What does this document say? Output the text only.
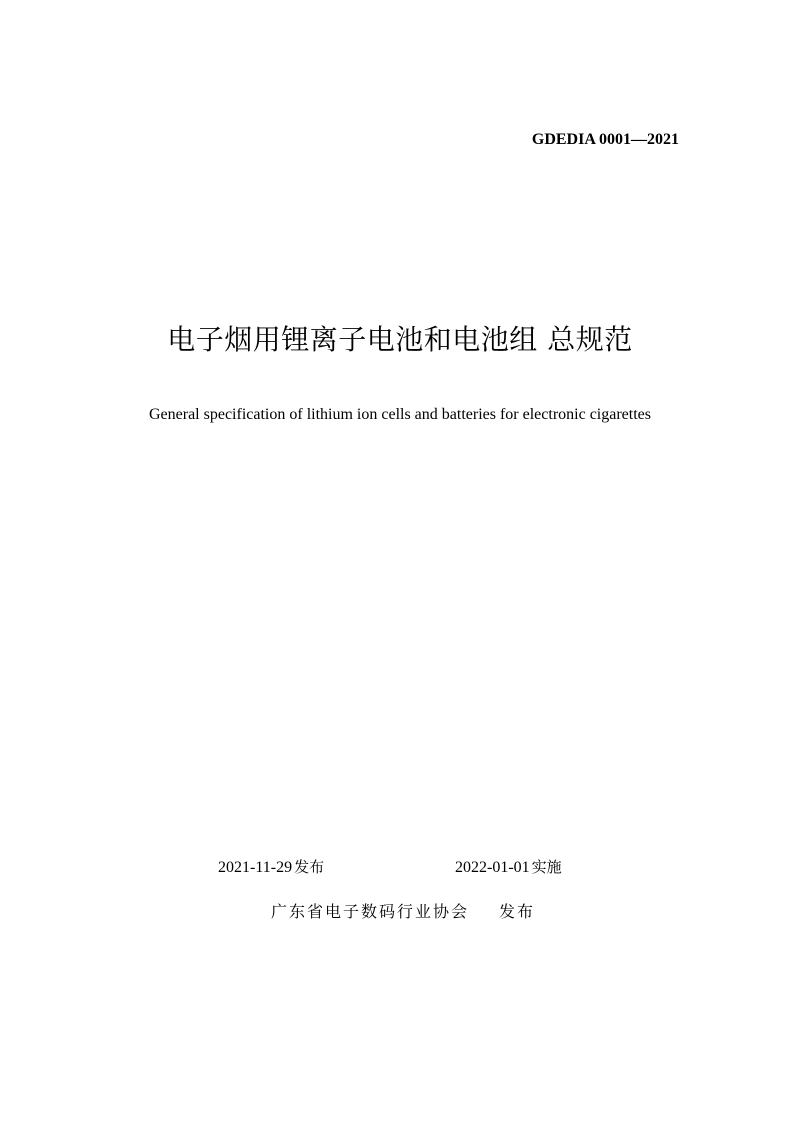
GDEDIA 0001—2021
电子烟用锂离子电池和电池组 总规范
General specification of lithium ion cells and batteries for electronic cigarettes
2021-11-29 发布	2022-01-01 实施
广东省电子数码行业协会 发布
